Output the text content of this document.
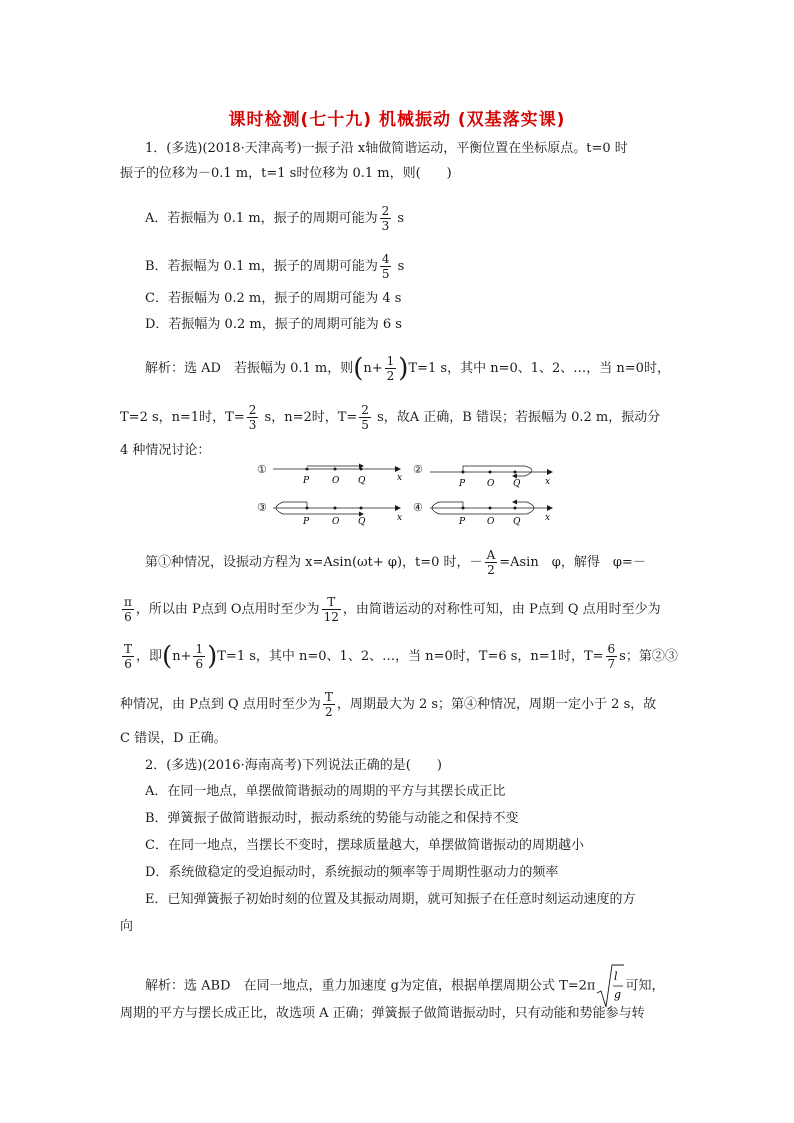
课时检测(七十九) 机械振动 (双基落实课)
1．(多选)(2018·天津高考)一振子沿 x轴做简谐运动，平衡位置在坐标原点。t=0 时
振子的位移为－0.1 m，t=1 s时位移为 0.1 m，则(　　)
A．若振幅为 0.1 m，振子的周期可能为 $\frac{2}{3}$ s
B．若振幅为 0.1 m，振子的周期可能为 $\frac{4}{5}$ s
C．若振幅为 0.2 m，振子的周期可能为 4 s
D．若振幅为 0.2 m，振子的周期可能为 6 s
解析：选 AD　若振幅为 0.1 m，则$(n+ \frac{1}{2} )T=1$ s，其中 n=0、1、2、…，当 n=0时，
T=2 s，n=1时，$T= \frac{2}{3}$ s，n=2时，$T= \frac{2}{5}$ s，故A 正确，B 错误；若振幅为 0.2 m，振动分
4 种情况讨论：
①
P	O Q	x
②
P O Q	x
③
P	O Q	x
④
P O Q	x
第①种情况，设振动方程为 x=Asin(ωt+ φ)，t=0 时，－ $\frac{A}{2} =Asin$　φ，解得　φ=－
$\frac{\pi}{6}$ ，所以由 P点到 O点用时至少为 $\frac{T}{12}$ ，由简谐运动的对称性可知，由 P点到 Q 点用时至少为
$\frac{T}{6}$ ，即$(n+ \frac{1}{6} )T=1$ s，其中 n=0、1、2、…，当 n=0时，T=6 s，n=1时，$T= \frac{6}{7}$ s；第②③
种情况，由 P点到 Q 点用时至少为 $\frac{T}{2}$ ，周期最大为 2 s；第④种情况，周期一定小于 2 s，故
C 错误，D 正确。
2．(多选)(2016·海南高考)下列说法正确的是(　　)
A．在同一地点，单摆做简谐振动的周期的平方与其摆长成正比
B．弹簧振子做简谐振动时，振动系统的势能与动能之和保持不变
C．在同一地点，当摆长不变时，摆球质量越大，单摆做简谐振动的周期越小
D．系统做稳定的受迫振动时，系统振动的频率等于周期性驱动力的频率
E．已知弹簧振子初始时刻的位置及其振动周期，就可知振子在任意时刻运动速度的方
向
解析：选 ABD　在同一地点，重力加速度 g为定值，根据单摆周期公式 T=2π
l
g
可知，
周期的平方与摆长成正比，故选项 A 正确；弹簧振子做简谐振动时，只有动能和势能参与转
